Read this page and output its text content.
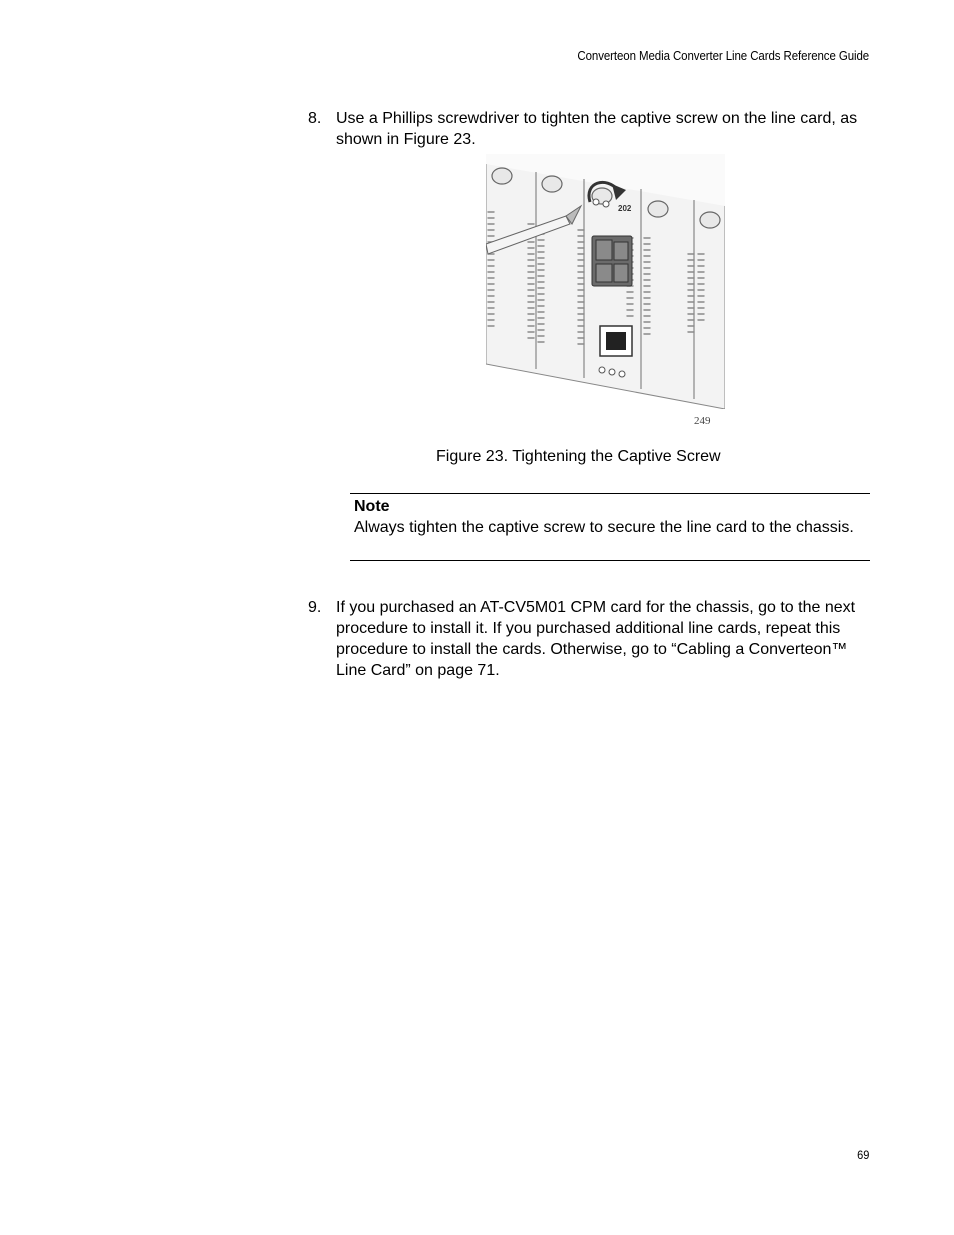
Converteon Media Converter Line Cards Reference Guide
8. Use a Phillips screwdriver to tighten the captive screw on the line card, as shown in Figure 23.
202
249
Figure 23. Tightening the Captive Screw
Note
Always tighten the captive screw to secure the line card to the chassis.
9. If you purchased an AT-CV5M01 CPM card for the chassis, go to the next procedure to install it. If you purchased additional line cards, repeat this procedure to install the cards. Otherwise, go to “Cabling a Converteon™ Line Card” on page 71.
69
